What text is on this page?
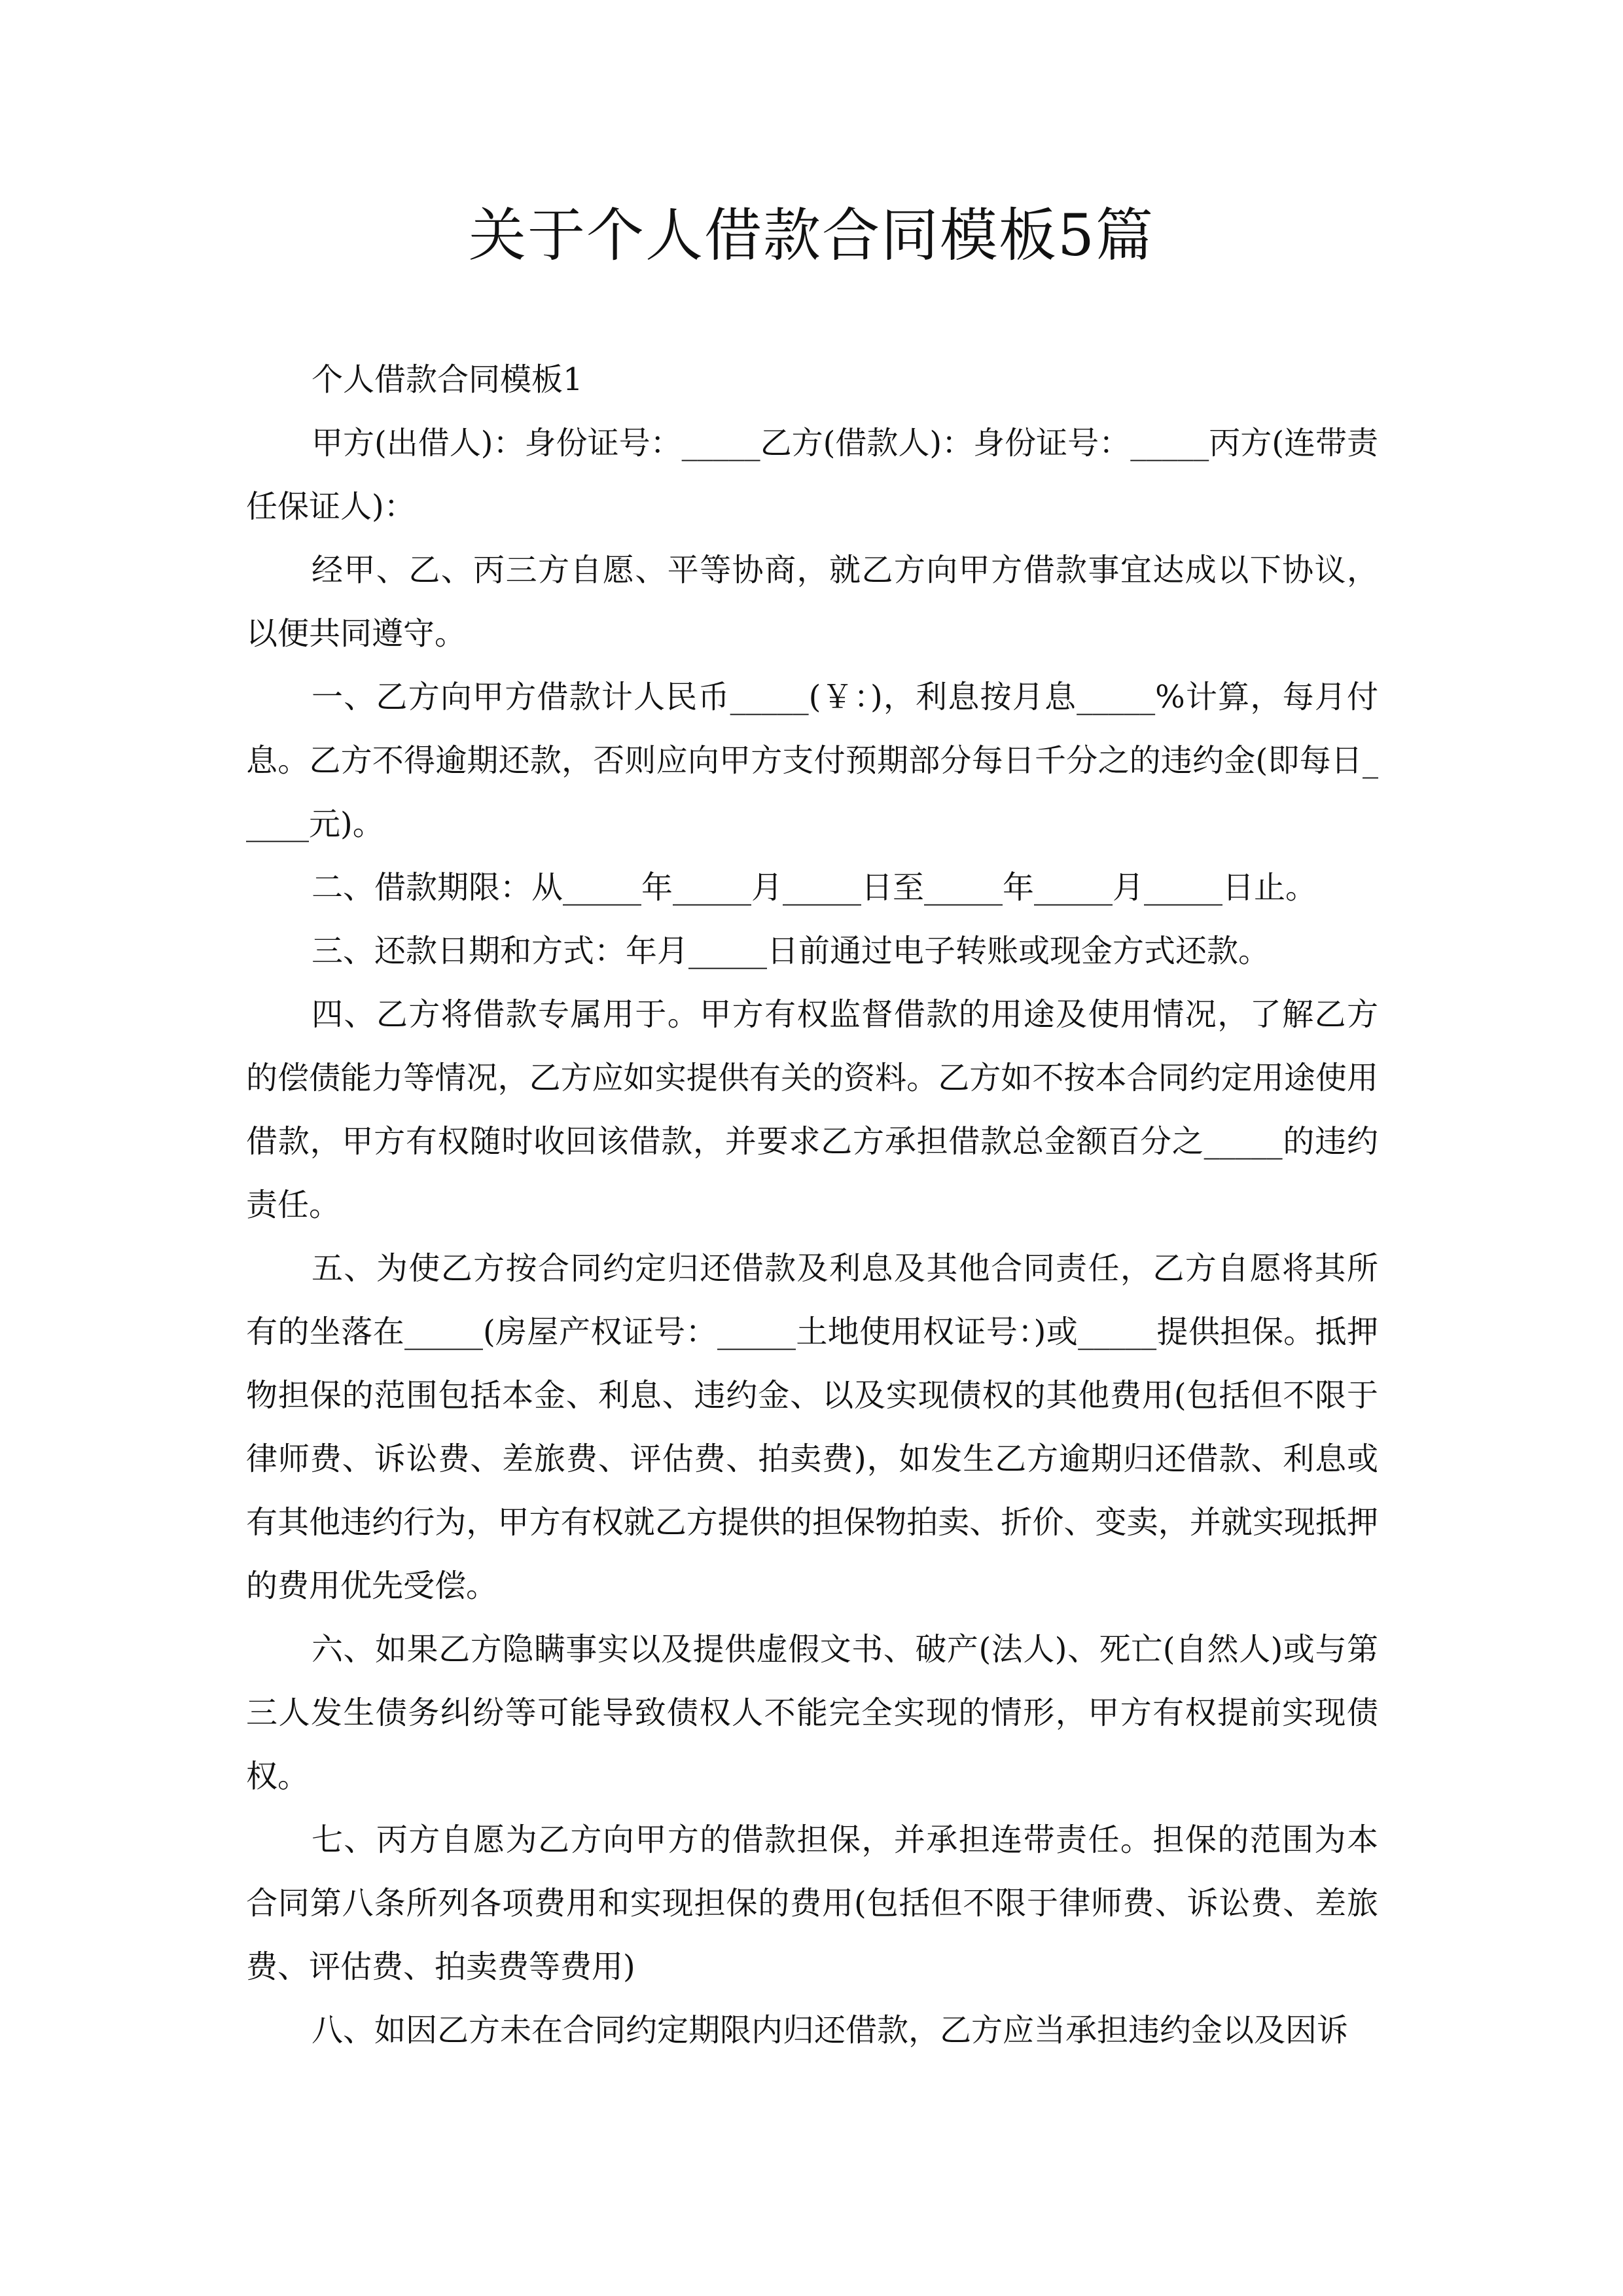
关于个人借款合同模板5篇

个人借款合同模板1

甲方(出借人)：身份证号：_____乙方(借款人)：身份证号：_____丙方(连带责任保证人)：

经甲、乙、丙三方自愿、平等协商，就乙方向甲方借款事宜达成以下协议，以便共同遵守。

一、乙方向甲方借款计人民币_____(￥：)，利息按月息_____%计算，每月付息。乙方不得逾期还款，否则应向甲方支付预期部分每日千分之的违约金(即每日_____元)。

二、借款期限：从_____年_____月_____日至_____年_____月_____日止。

三、还款日期和方式：年月_____日前通过电子转账或现金方式还款。

四、乙方将借款专属用于。甲方有权监督借款的用途及使用情况，了解乙方的偿债能力等情况，乙方应如实提供有关的资料。乙方如不按本合同约定用途使用借款，甲方有权随时收回该借款，并要求乙方承担借款总金额百分之_____的违约责任。

五、为使乙方按合同约定归还借款及利息及其他合同责任，乙方自愿将其所有的坐落在_____(房屋产权证号：_____土地使用权证号：)或_____提供担保。抵押物担保的范围包括本金、利息、违约金、以及实现债权的其他费用(包括但不限于律师费、诉讼费、差旅费、评估费、拍卖费)，如发生乙方逾期归还借款、利息或有其他违约行为，甲方有权就乙方提供的担保物拍卖、折价、变卖，并就实现抵押的费用优先受偿。

六、如果乙方隐瞒事实以及提供虚假文书、破产(法人)、死亡(自然人)或与第三人发生债务纠纷等可能导致债权人不能完全实现的情形，甲方有权提前实现债权。

七、丙方自愿为乙方向甲方的借款担保，并承担连带责任。担保的范围为本合同第八条所列各项费用和实现担保的费用(包括但不限于律师费、诉讼费、差旅费、评估费、拍卖费等费用)

八、如因乙方未在合同约定期限内归还借款，乙方应当承担违约金以及因诉
